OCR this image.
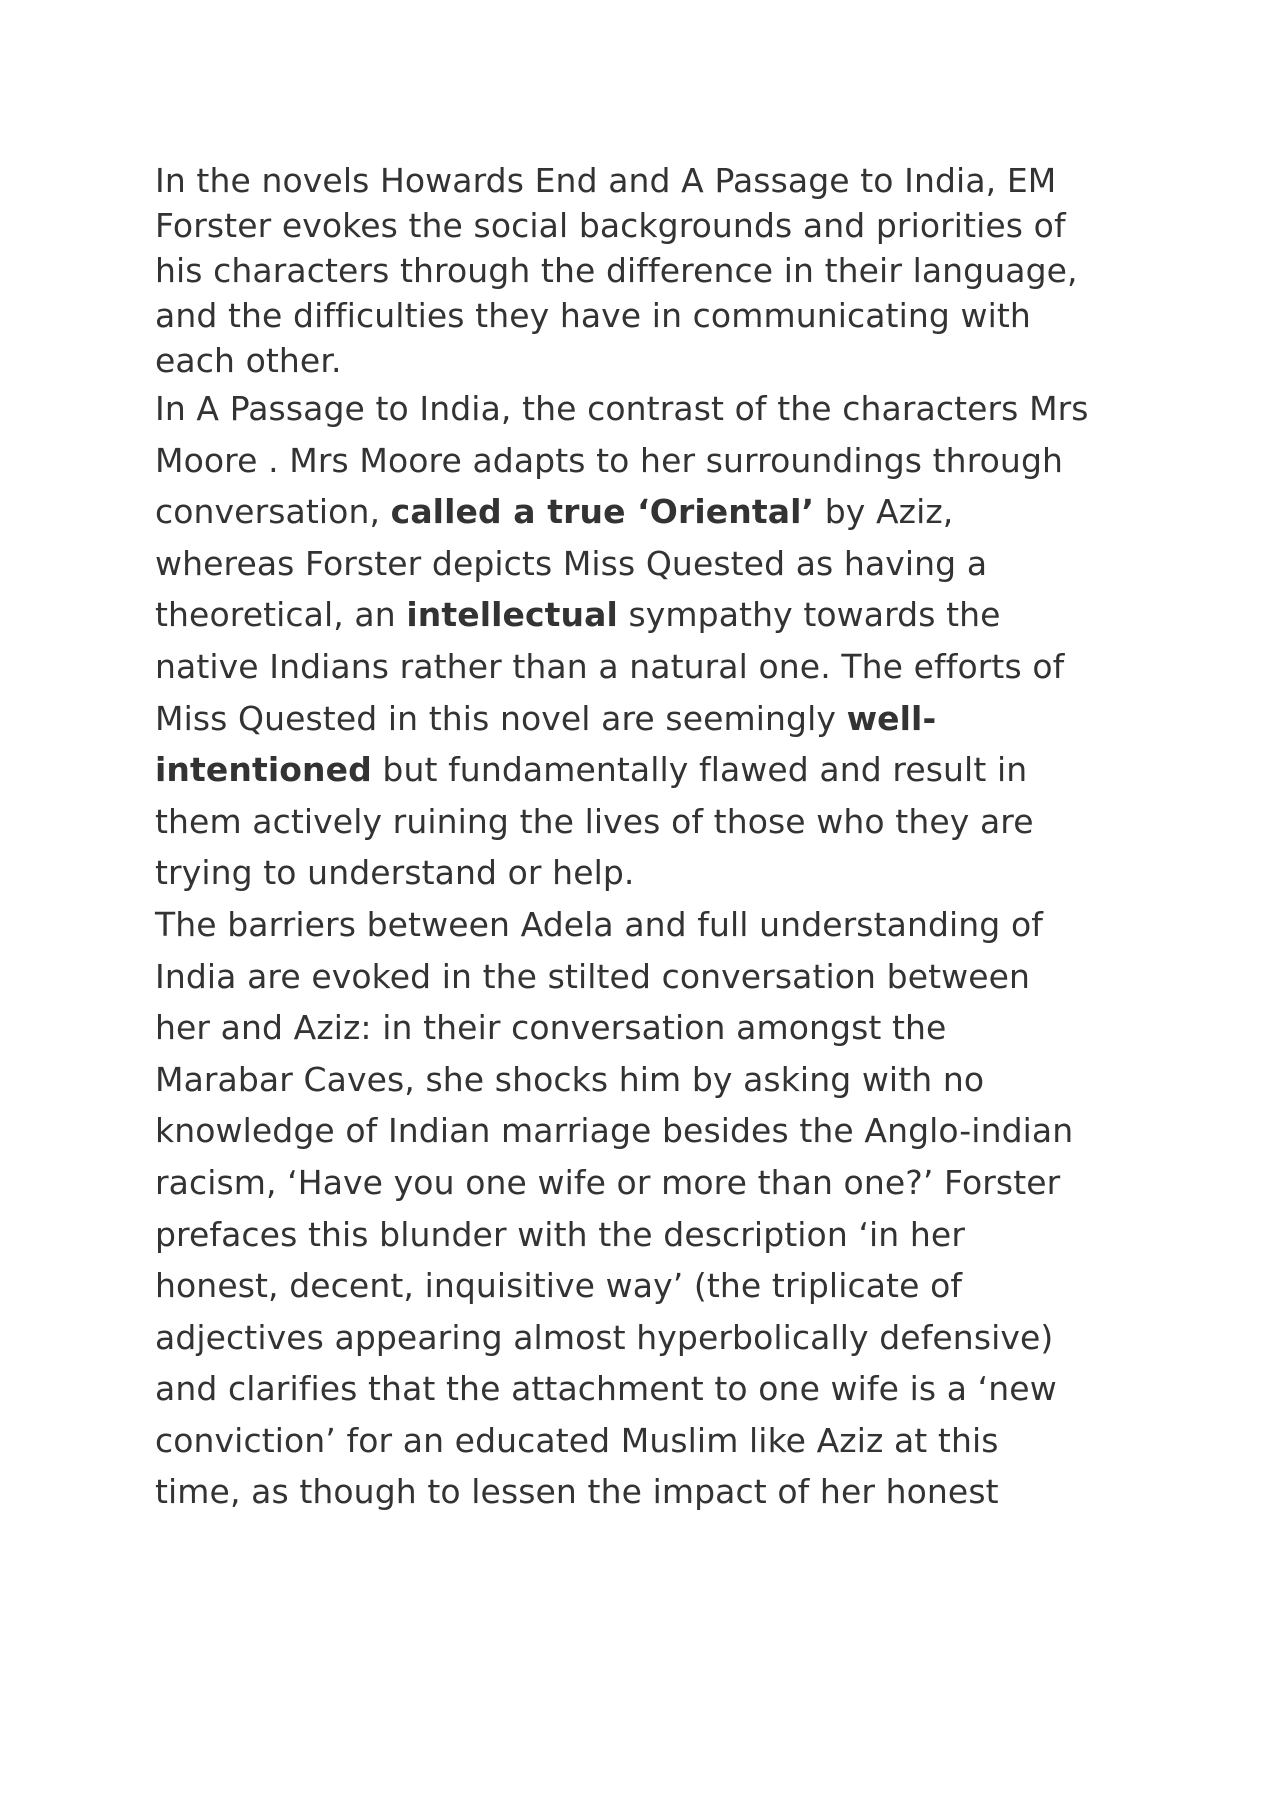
In the novels Howards End and A Passage to India, EM
Forster evokes the social backgrounds and priorities of
his characters through the difference in their language,
and the difficulties they have in communicating with
each other.

In A Passage to India, the contrast of the characters Mrs
Moore . Mrs Moore adapts to her surroundings through
conversation, called a true ‘Oriental’ by Aziz,
whereas Forster depicts Miss Quested as having a
theoretical, an intellectual sympathy towards the
native Indians rather than a natural one. The efforts of
Miss Quested in this novel are seemingly well-
intentioned but fundamentally flawed and result in
them actively ruining the lives of those who they are
trying to understand or help.

The barriers between Adela and full understanding of
India are evoked in the stilted conversation between
her and Aziz: in their conversation amongst the
Marabar Caves, she shocks him by asking with no
knowledge of Indian marriage besides the Anglo-indian
racism, ‘Have you one wife or more than one?’ Forster
prefaces this blunder with the description ‘in her
honest, decent, inquisitive way’ (the triplicate of
adjectives appearing almost hyperbolically defensive)
and clarifies that the attachment to one wife is a ‘new
conviction’ for an educated Muslim like Aziz at this
time, as though to lessen the impact of her honest
